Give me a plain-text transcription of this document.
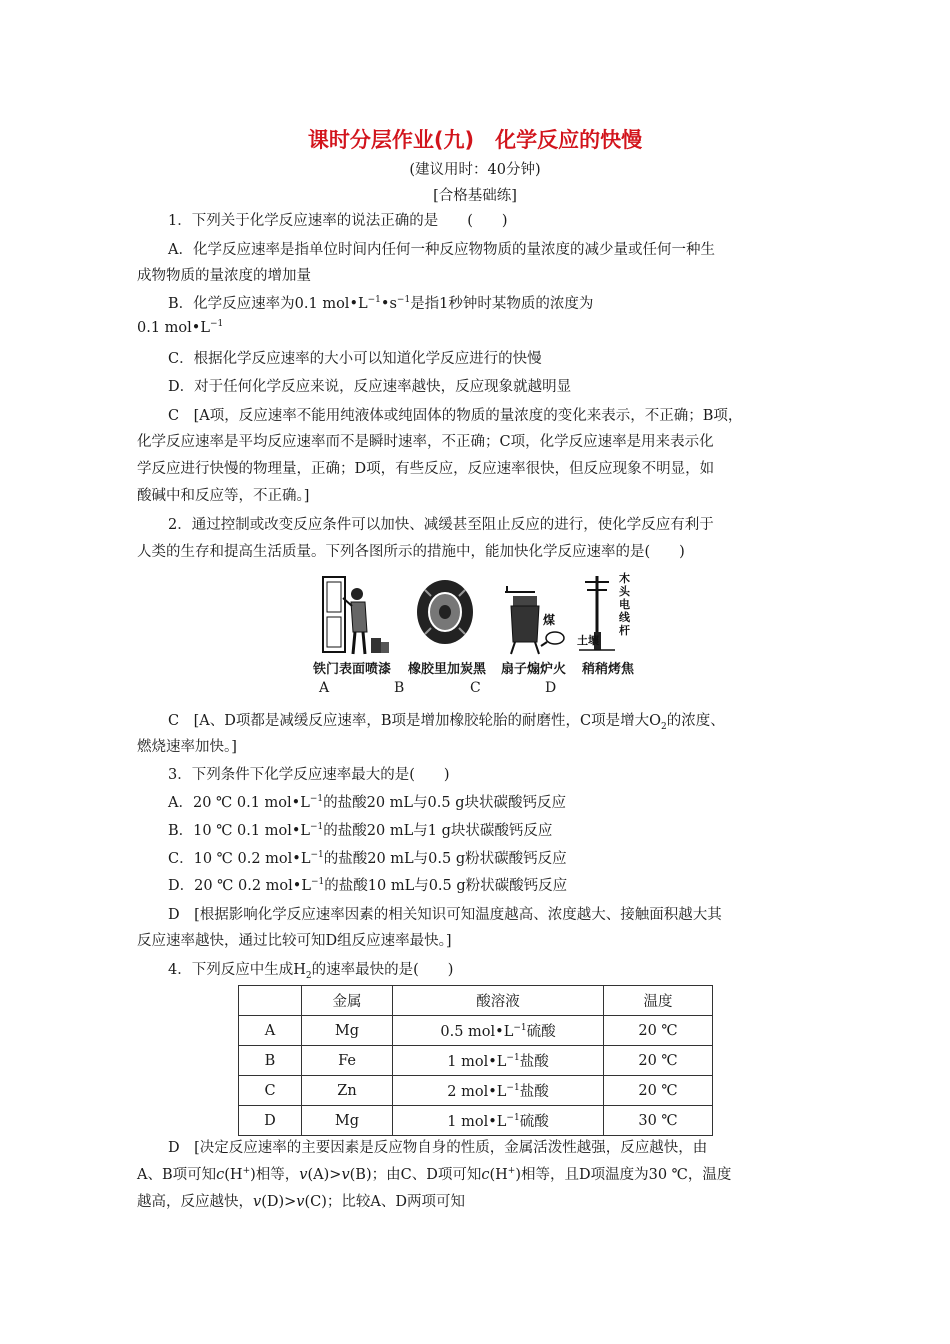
课时分层作业(九)　化学反应的快慢
(建议用时：40分钟)
[合格基础练]
1．下列关于化学反应速率的说法正确的是　　(　　)
A．化学反应速率是指单位时间内任何一种反应物物质的量浓度的减少量或任何一种生
成物物质的量浓度的增加量
B．化学反应速率为0.1 $mol•L^{-1}•s^{-1}$是指1秒钟时某物质的浓度为
0.1 $mol•L^{-1}$
C．根据化学反应速率的大小可以知道化学反应进行的快慢
D．对于任何化学反应来说，反应速率越快，反应现象就越明显
C　[A项，反应速率不能用纯液体或纯固体的物质的量浓度的变化来表示，不正确；B项，
化学反应速率是平均反应速率而不是瞬时速率，不正确；C项，化学反应速率是用来表示化
学反应进行快慢的物理量，正确；D项，有些反应，反应速率很快，但反应现象不明显，如
酸碱中和反应等，不正确。]
2．通过控制或改变反应条件可以加快、减缓甚至阻止反应的进行，使化学反应有利于
人类的生存和提高生活质量。下列各图所示的措施中，能加快化学反应速率的是(　　)
煤
土壤
木
头
电
线
杆
铁门表面喷漆 橡胶里加炭黑 扇子煽炉火 稍稍烤焦
A	B	C	D
C　[A、D项都是减缓反应速率，B项是增加橡胶轮胎的耐磨性，C项是增大$O_2$的浓度、
燃烧速率加快。]
3．下列条件下化学反应速率最大的是(　　)
A．20 ℃ 0.1 $mol•L^{-1}$的盐酸20 mL与0.5 g块状碳酸钙反应
B．10 ℃ 0.1 $mol•L^{-1}$的盐酸20 mL与1 g块状碳酸钙反应
C．10 ℃ 0.2 $mol•L^{-1}$的盐酸20 mL与0.5 g粉状碳酸钙反应
D．20 ℃ 0.2 $mol•L^{-1}$的盐酸10 mL与0.5 g粉状碳酸钙反应
D　[根据影响化学反应速率因素的相关知识可知温度越高、浓度越大、接触面积越大其
反应速率越快，通过比较可知D组反应速率最快。]
4．下列反应中生成$H_2$的速率最快的是(　　)
	金属	酸溶液	温度
A	Mg	0.5 $mol•L^{-1}$硫酸	20 ℃
B	Fe	1 $mol•L^{-1}$盐酸	20 ℃
C	Zn	2 $mol•L^{-1}$盐酸	20 ℃
D	Mg	1 $mol•L^{-1}$硫酸	30 ℃
D　[决定反应速率的主要因素是反应物自身的性质，金属活泼性越强，反应越快，由
A、B项可知c(H+)相等，v(A)>v(B)；由C、D项可知c(H+)相等，且D项温度为30 ℃，温度
越高，反应越快，v(D)>v(C)；比较A、D两项可知
